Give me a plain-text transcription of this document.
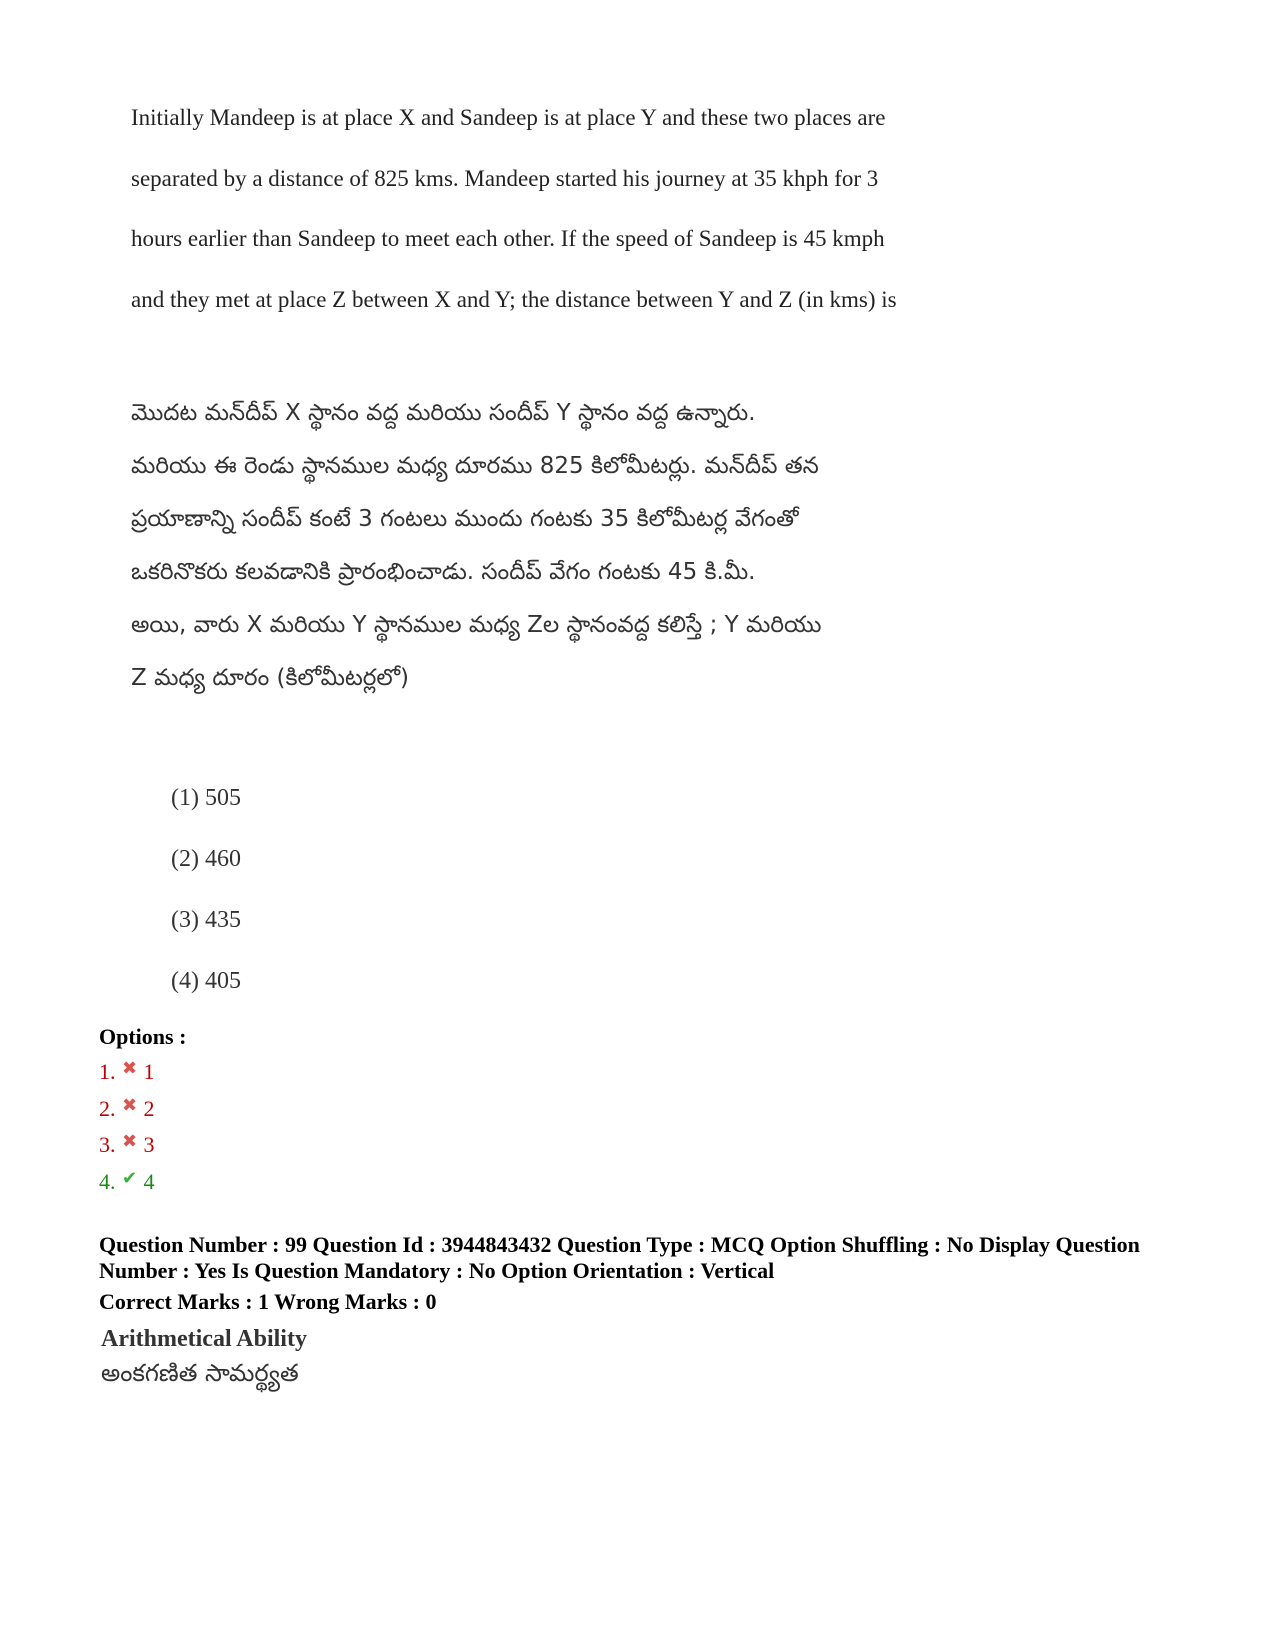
Initially Mandeep is at place X and Sandeep is at place Y and these two places are

separated by a distance of 825 kms. Mandeep started his journey at 35 khph for 3

hours earlier than Sandeep to meet each other. If the speed of Sandeep is 45 kmph

and they met at place Z between X and Y; the distance between Y and Z (in kms) is

మొదట మన్‌దీప్ X స్థానం వద్ద మరియు సందీప్ Y స్థానం వద్ద ఉన్నారు.

మరియు ఈ రెండు స్థానముల మధ్య దూరము 825 కిలోమీటర్లు. మన్‌దీప్ తన

ప్రయాణాన్ని సందీప్ కంటే 3 గంటలు ముందు గంటకు 35 కిలోమీటర్ల వేగంతో

ఒకరినొకరు కలవడానికి ప్రారంభించాడు. సందీప్ వేగం గంటకు 45 కి.మీ.

అయి, వారు X మరియు Y స్థానముల మధ్య Zల స్థానంవద్ద కలిస్తే ; Y మరియు

Z మధ్య దూరం (కిలోమీటర్లలో)

(1) 505
(2) 460
(3) 435
(4) 405
Options :
1. ✖ 1
2. ✖ 2
3. ✖ 3
4. ✔ 4

Question Number : 99 Question Id : 3944843432 Question Type : MCQ Option Shuffling : No Display Question

Number : Yes Is Question Mandatory : No Option Orientation : Vertical

Correct Marks : 1 Wrong Marks : 0

Arithmetical Ability
అంకగణిత సామర్థ్యత
